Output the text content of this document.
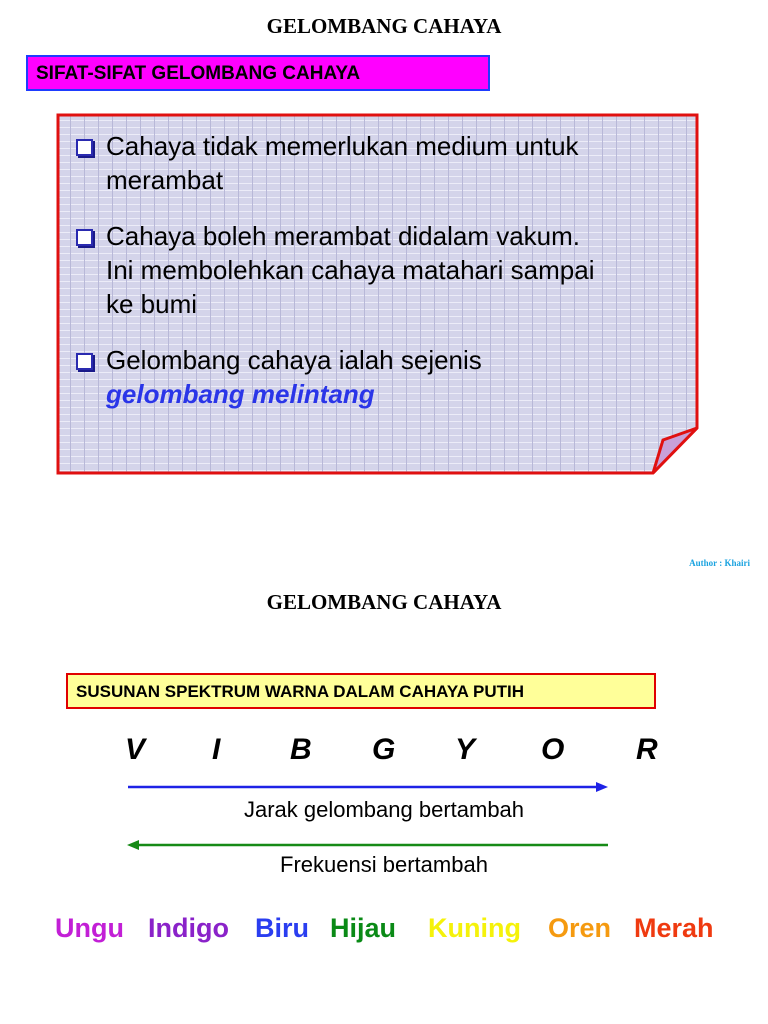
GELOMBANG CAHAYA
SIFAT-SIFAT GELOMBANG CAHAYA
Cahaya tidak memerlukan medium untuk
merambat
Cahaya boleh merambat didalam vakum.
Ini membolehkan cahaya matahari sampai
ke bumi
Gelombang cahaya ialah sejenis
gelombang melintang
Author : Khairi
GELOMBANG CAHAYA
SUSUNAN SPEKTRUM WARNA DALAM CAHAYA PUTIH
V I B G Y O R
Jarak gelombang bertambah
Frekuensi bertambah
Ungu Indigo Biru Hijau Kuning Oren Merah
